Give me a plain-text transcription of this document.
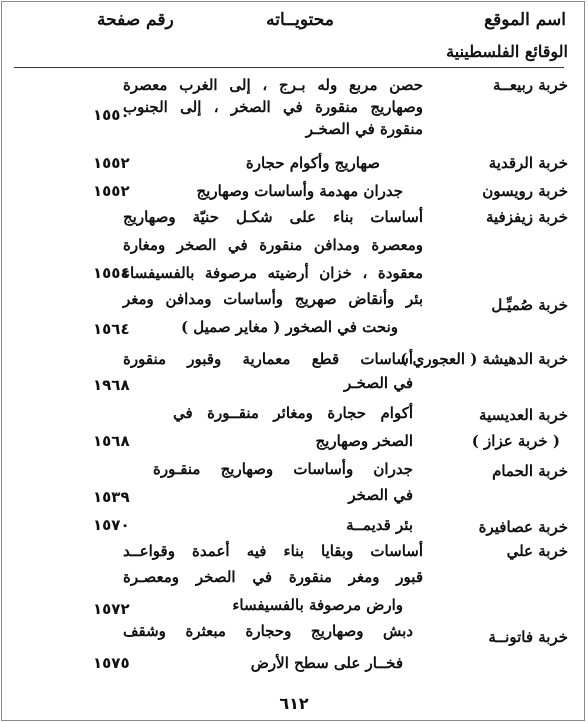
اسم الموقع
محتويــاته
رقم صفحة
الوقائع الفلسطينية
خربة ربيعــة
حصن مربع وله بـرج ، إلى الغرب معصرة
وصهاريج منقورة في الصخر ، إلى الجنوب
منقورة في الصخـر
١٥٥٠
خربة الرقدية
صهاريج وأكوام حجارة
١٥٥٢
خربة رويسون
جدران مهدمة وأساسات وصهاريج
١٥٥٢
خربة زيفزفية
أساسات بناء على شكـل حنيّة وصهاريج
ومعصرة ومدافن منقورة في الصخر ومغارة
معقودة ، خزان أرضيته مرصوفة بالفسيفساء
١٥٥٤
خربة صُميِّـل
بئر وأنقاض صهريج وأساسات ومدافن ومغر
ونحت في الصخور ( مغاير صميل )
١٥٦٤
خربة الدهيشة ( العجوري )
أساسات قطع معمارية وقبور منقورة
في الصخـر
١٩٦٨
خربة العديسية
( خربة عزاز )
أكوام حجارة ومغائر منقــورة في
الصخر وصهاريج
١٥٦٨
خربة الحمام
جدران وأساسات وصهاريج منقـورة
في الصخر
١٥٣٩
خربة عصافيرة
بئر قديمــة
١٥٧٠
خربة علي
أساسات وبقايا بناء فيه أعمدة وقواعــد
قبور ومغر منقورة في الصخر ومعصـرة
وارض مرصوفة بالفسيفساء
١٥٧٢
خربة فاتونــة
دبش وصهاريج وحجارة مبعثرة وشقف
فخــار على سطح الأرض
١٥٧٥
٦١٢
